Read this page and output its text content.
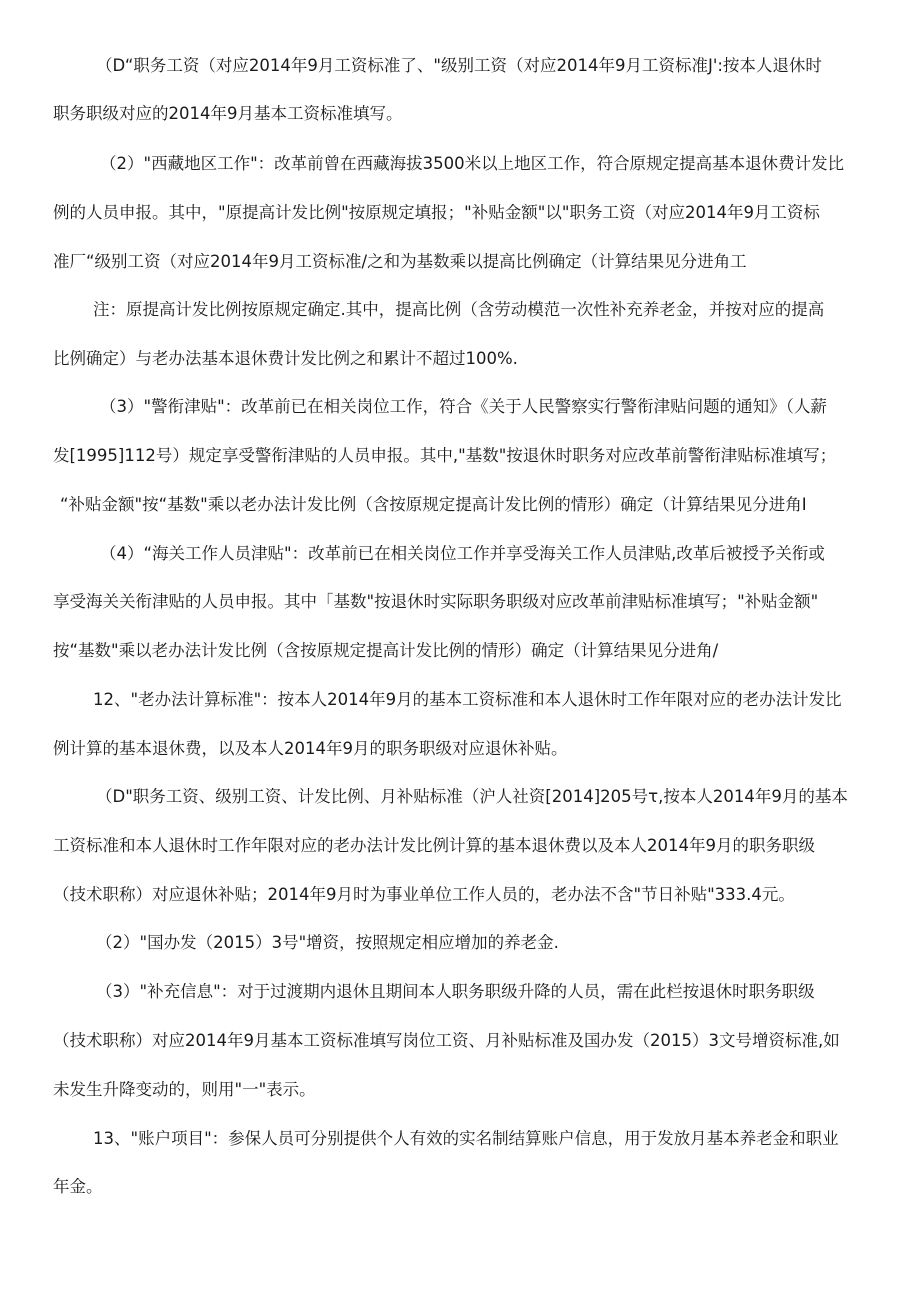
（D“职务工资（对应2014年9月工资标准了、"级别工资（对应2014年9月工资标准J':按本人退休时
职务职级对应的2014年9月基本工资标准填写。
（2）"西藏地区工作"：改革前曾在西藏海拔3500米以上地区工作，符合原规定提高基本退休费计发比
例的人员申报。其中，"原提高计发比例"按原规定填报；"补贴金额"以"职务工资（对应2014年9月工资标
准厂“级别工资（对应2014年9月工资标准/之和为基数乘以提高比例确定（计算结果见分进角工
注：原提高计发比例按原规定确定.其中，提高比例（含劳动模范一次性补充养老金，并按对应的提高
比例确定）与老办法基本退休费计发比例之和累计不超过100%.
（3）"警衔津贴"：改革前已在相关岗位工作，符合《关于人民警察实行警衔津贴问题的通知》（人薪
发[1995]112号）规定享受警衔津贴的人员申报。其中,"基数"按退休时职务对应改革前警衔津贴标准填写；
“补贴金额"按“基数"乘以老办法计发比例（含按原规定提高计发比例的情形）确定（计算结果见分进角I
（4）“海关工作人员津贴"：改革前已在相关岗位工作并享受海关工作人员津贴,改革后被授予关衔或
享受海关关衔津贴的人员申报。其中「基数"按退休时实际职务职级对应改革前津贴标准填写；"补贴金额"
按“基数"乘以老办法计发比例（含按原规定提高计发比例的情形）确定（计算结果见分进角/
12、"老办法计算标准"：按本人2014年9月的基本工资标准和本人退休时工作年限对应的老办法计发比
例计算的基本退休费，以及本人2014年9月的职务职级对应退休补贴。
（D"职务工资、级别工资、计发比例、月补贴标准（沪人社资[2014]205号τ,按本人2014年9月的基本
工资标准和本人退休时工作年限对应的老办法计发比例计算的基本退休费以及本人2014年9月的职务职级
（技术职称）对应退休补贴；2014年9月时为事业单位工作人员的，老办法不含"节日补贴"333.4元。
（2）"国办发（2015）3号"增资，按照规定相应增加的养老金.
（3）"补充信息"：对于过渡期内退休且期间本人职务职级升降的人员，需在此栏按退休时职务职级
（技术职称）对应2014年9月基本工资标准填写岗位工资、月补贴标准及国办发（2015）3文号增资标准,如
未发生升降变动的，则用"一"表示。
13、"账户项目"：参保人员可分别提供个人有效的实名制结算账户信息，用于发放月基本养老金和职业
年金。
